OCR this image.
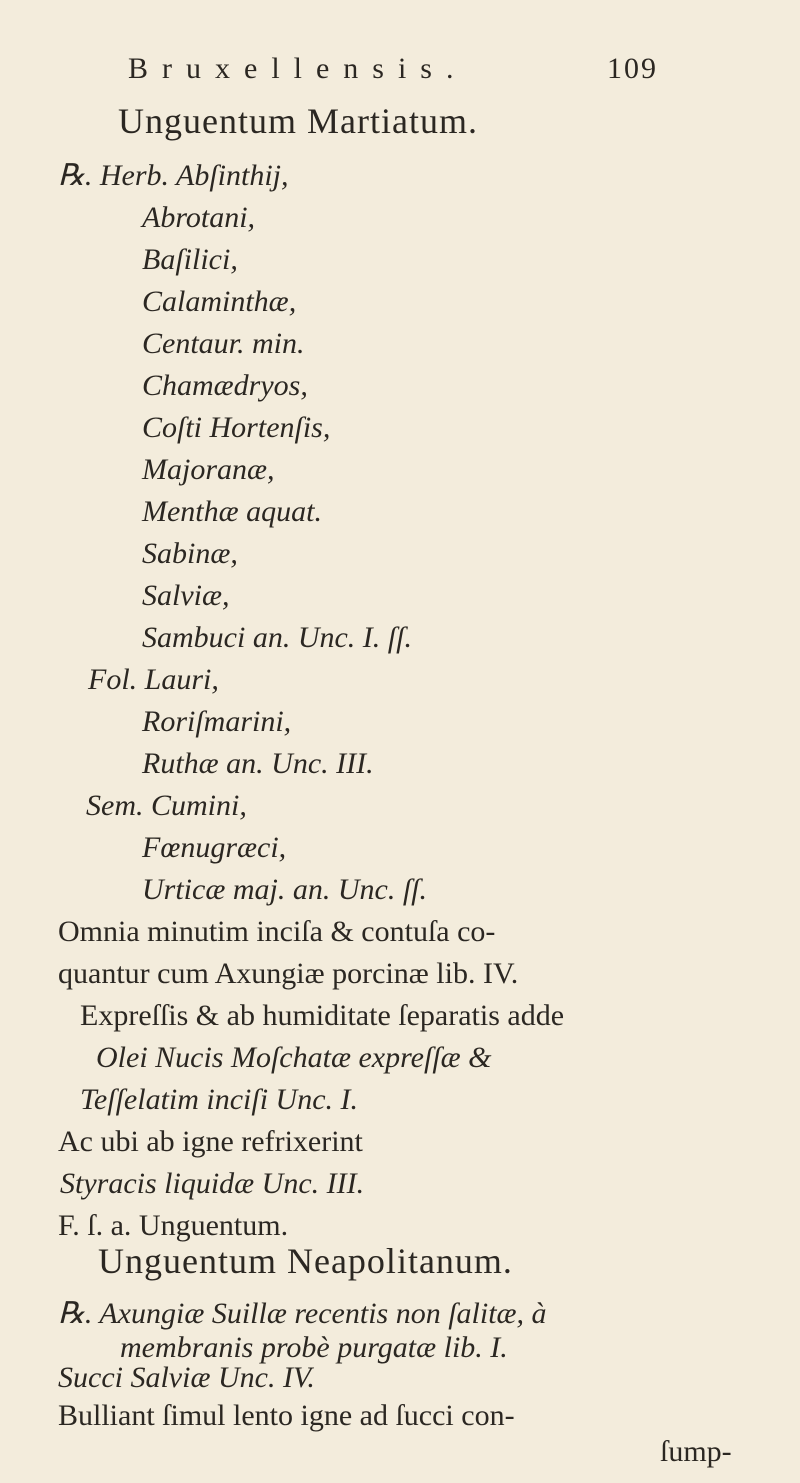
Bruxellensis.	109
Unguentum Martiatum.
℞. Herb. Abſinthij,
Abrotani,
Baſilici,
Calaminthæ,
Centaur. min.
Chamædryos,
Coſti Hortenſis,
Majoranæ,
Menthæ aquat.
Sabinæ,
Salviæ,
Sambuci an. Unc. I. ſſ.
Fol. Lauri,
Roriſmarini,
Ruthæ an. Unc. III.
Sem. Cumini,
Fœnugræci,
Urticæ maj. an. Unc. ſſ.
Omnia minutim inciſa & contuſa co-
quantur cum Axungiæ porcinæ lib. IV.
Expreſſis & ab humiditate ſeparatis adde
Olei Nucis Moſchatæ expreſſæ &
Teſſelatim inciſi Unc. I.
Ac ubi ab igne refrixerint
Styracis liquidæ Unc. III.
F. ſ. a. Unguentum.
Unguentum Neapolitanum.
℞. Axungiæ Suillæ recentis non ſalitæ, à
membranis probè purgatæ lib. I.
Succi Salviæ Unc. IV.
Bulliant ſimul lento igne ad ſucci con-
ſump-
